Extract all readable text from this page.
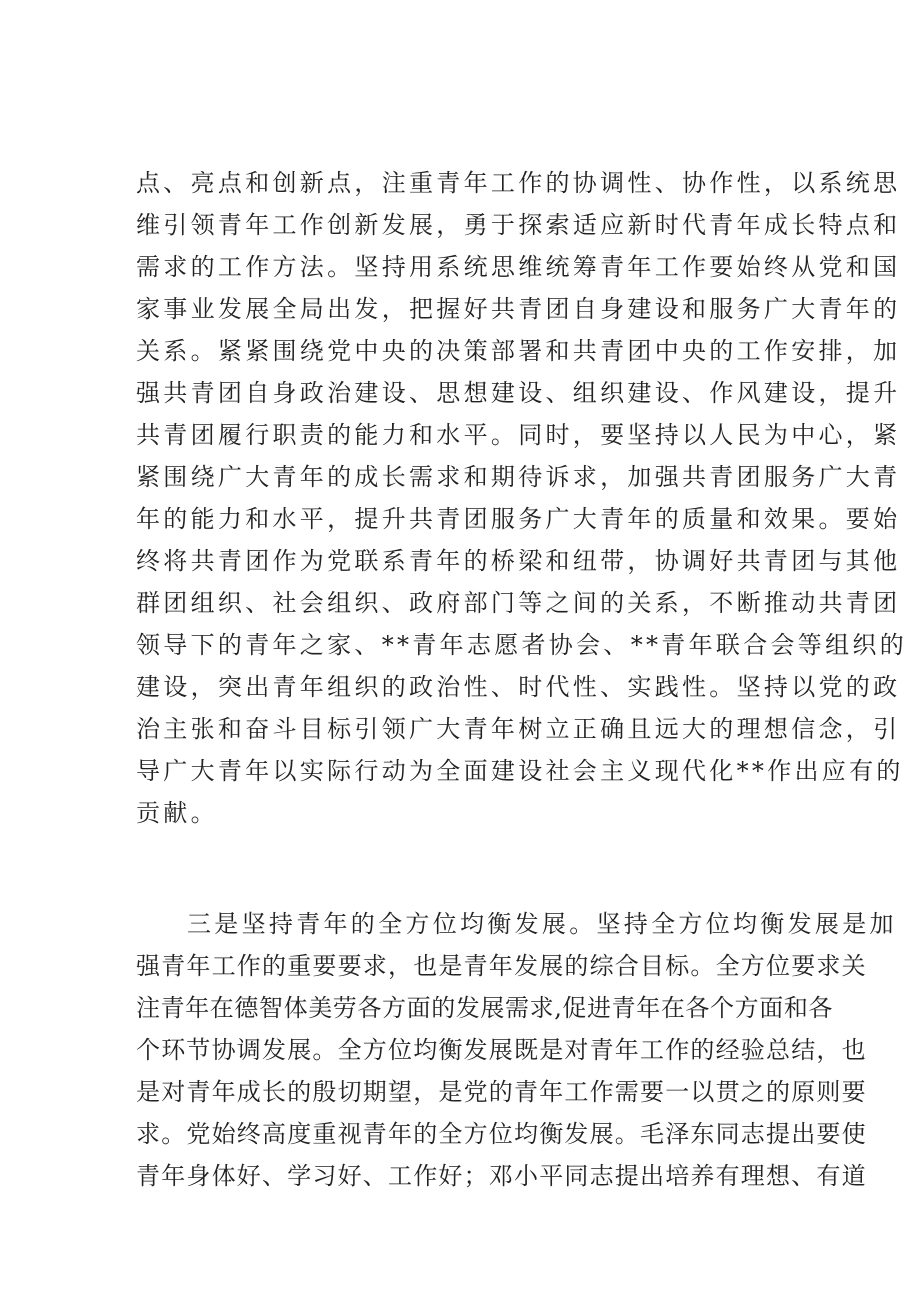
点、亮点和创新点，注重青年工作的协调性、协作性，以系统思
维引领青年工作创新发展，勇于探索适应新时代青年成长特点和
需求的工作方法。坚持用系统思维统筹青年工作要始终从党和国
家事业发展全局出发，把握好共青团自身建设和服务广大青年的
关系。紧紧围绕党中央的决策部署和共青团中央的工作安排，加
强共青团自身政治建设、思想建设、组织建设、作风建设，提升
共青团履行职责的能力和水平。同时，要坚持以人民为中心，紧
紧围绕广大青年的成长需求和期待诉求，加强共青团服务广大青
年的能力和水平，提升共青团服务广大青年的质量和效果。要始
终将共青团作为党联系青年的桥梁和纽带，协调好共青团与其他
群团组织、社会组织、政府部门等之间的关系，不断推动共青团
领导下的青年之家、**青年志愿者协会、**青年联合会等组织的
建设，突出青年组织的政治性、时代性、实践性。坚持以党的政
治主张和奋斗目标引领广大青年树立正确且远大的理想信念，引
导广大青年以实际行动为全面建设社会主义现代化**作出应有的
贡献。
三是坚持青年的全方位均衡发展。坚持全方位均衡发展是加
强青年工作的重要要求，也是青年发展的综合目标。全方位要求关
注青年在德智体美劳各方面的发展需求,促进青年在各个方面和各
个环节协调发展。全方位均衡发展既是对青年工作的经验总结，也
是对青年成长的殷切期望，是党的青年工作需要一以贯之的原则要
求。党始终高度重视青年的全方位均衡发展。毛泽东同志提出要使
青年身体好、学习好、工作好；邓小平同志提出培养有理想、有道
